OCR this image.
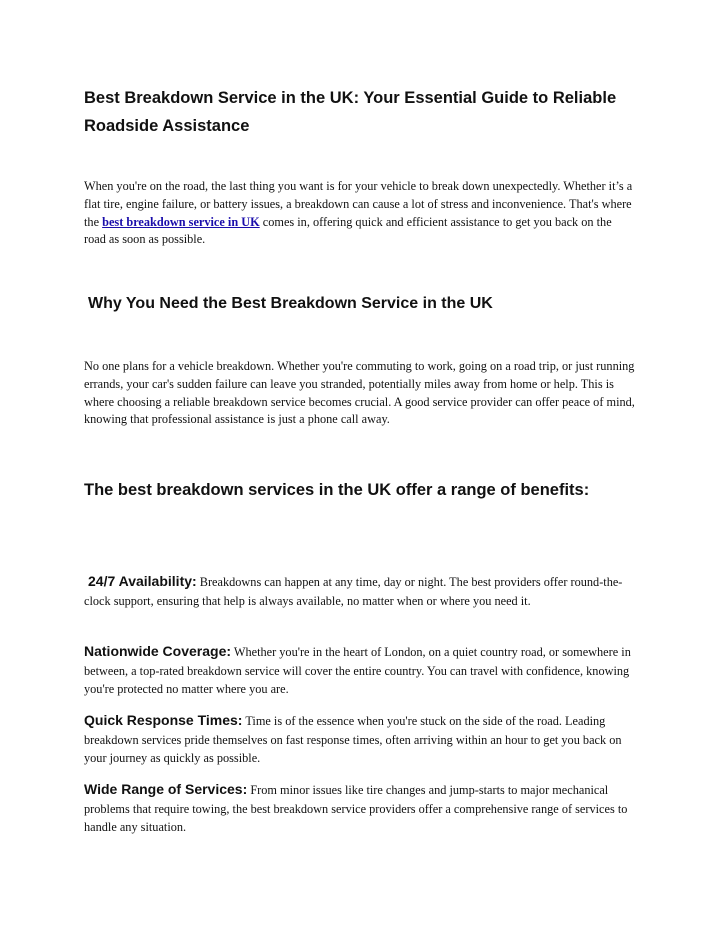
Best Breakdown Service in the UK: Your Essential Guide to Reliable Roadside Assistance

When you're on the road, the last thing you want is for your vehicle to break down unexpectedly. Whether it’s a flat tire, engine failure, or battery issues, a breakdown can cause a lot of stress and inconvenience. That's where the best breakdown service in UK comes in, offering quick and efficient assistance to get you back on the road as soon as possible.

Why You Need the Best Breakdown Service in the UK

No one plans for a vehicle breakdown. Whether you're commuting to work, going on a road trip, or just running errands, your car's sudden failure can leave you stranded, potentially miles away from home or help. This is where choosing a reliable breakdown service becomes crucial. A good service provider can offer peace of mind, knowing that professional assistance is just a phone call away.

The best breakdown services in the UK offer a range of benefits:

24/7 Availability: Breakdowns can happen at any time, day or night. The best providers offer round-the-clock support, ensuring that help is always available, no matter when or where you need it.

Nationwide Coverage: Whether you're in the heart of London, on a quiet country road, or somewhere in between, a top-rated breakdown service will cover the entire country. You can travel with confidence, knowing you're protected no matter where you are.

Quick Response Times: Time is of the essence when you're stuck on the side of the road. Leading breakdown services pride themselves on fast response times, often arriving within an hour to get you back on your journey as quickly as possible.

Wide Range of Services: From minor issues like tire changes and jump-starts to major mechanical problems that require towing, the best breakdown service providers offer a comprehensive range of services to handle any situation.
